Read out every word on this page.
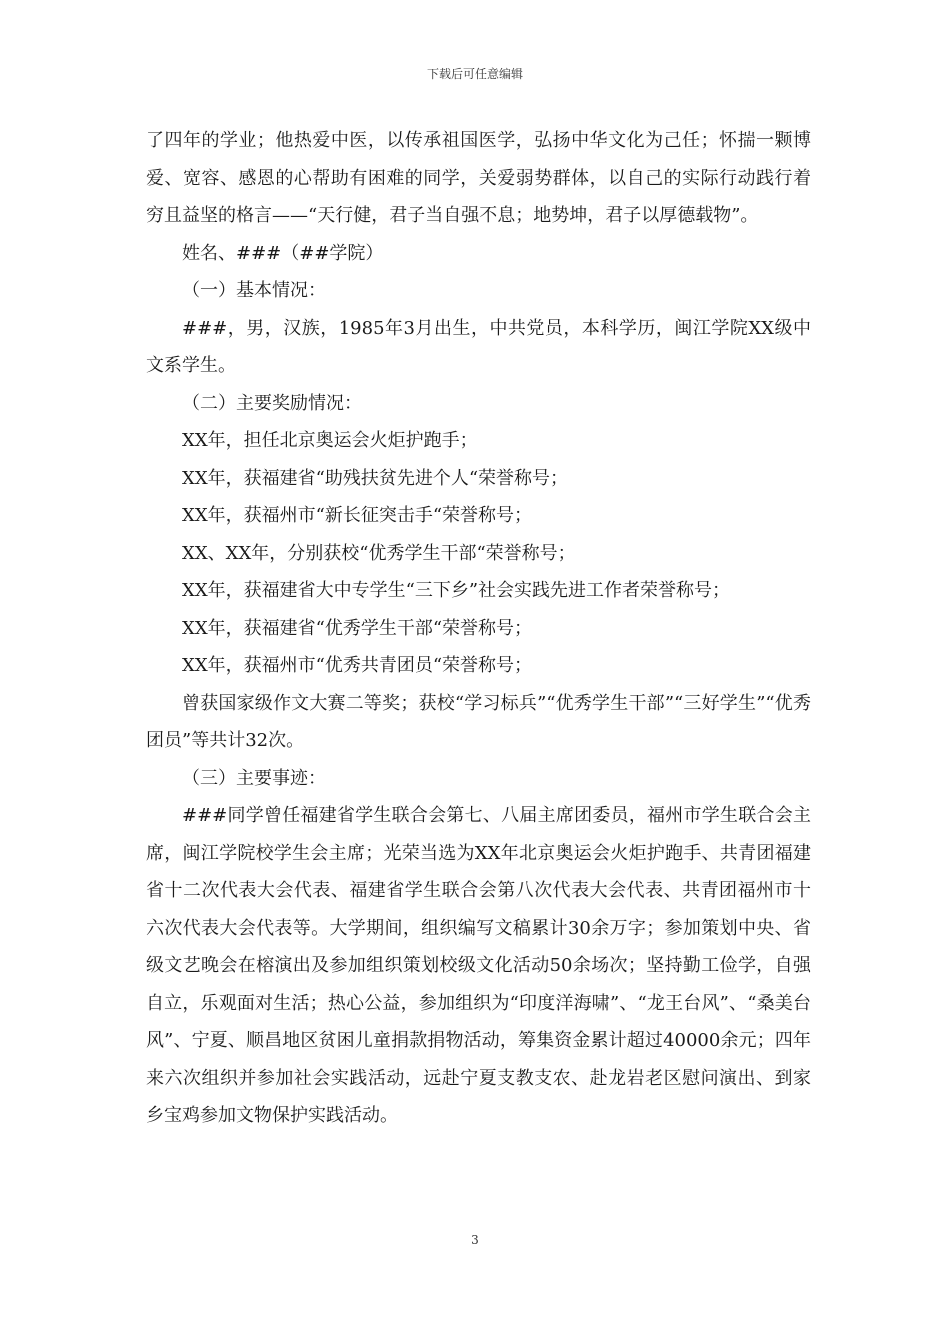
下载后可任意编辑

了四年的学业；他热爱中医，以传承祖国医学，弘扬中华文化为己任；怀揣一颗博爱、宽容、感恩的心帮助有困难的同学，关爱弱势群体，以自己的实际行动践行着穷且益坚的格言——“天行健，君子当自强不息；地势坤，君子以厚德载物”。

姓名、###（##学院）

（一）基本情况：

###，男，汉族，1985年3月出生，中共党员，本科学历，闽江学院XX级中文系学生。

（二）主要奖励情况：

XX年，担任北京奥运会火炬护跑手；

XX年，获福建省“助残扶贫先进个人“荣誉称号；

XX年，获福州市“新长征突击手“荣誉称号；

XX、XX年，分别获校“优秀学生干部“荣誉称号；

XX年，获福建省大中专学生“三下乡”社会实践先进工作者荣誉称号；

XX年，获福建省“优秀学生干部“荣誉称号；

XX年，获福州市“优秀共青团员“荣誉称号；

曾获国家级作文大赛二等奖；获校“学习标兵”“优秀学生干部”“三好学生”“优秀团员”等共计32次。

（三）主要事迹：

###同学曾任福建省学生联合会第七、八届主席团委员，福州市学生联合会主席，闽江学院校学生会主席；光荣当选为XX年北京奥运会火炬护跑手、共青团福建省十二次代表大会代表、福建省学生联合会第八次代表大会代表、共青团福州市十六次代表大会代表等。大学期间，组织编写文稿累计30余万字；参加策划中央、省级文艺晚会在榕演出及参加组织策划校级文化活动50余场次；坚持勤工俭学，自强自立，乐观面对生活；热心公益，参加组织为“印度洋海啸”、“龙王台风”、“桑美台风”、宁夏、顺昌地区贫困儿童捐款捐物活动，筹集资金累计超过40000余元；四年来六次组织并参加社会实践活动，远赴宁夏支教支农、赴龙岩老区慰问演出、到家乡宝鸡参加文物保护实践活动。

3
